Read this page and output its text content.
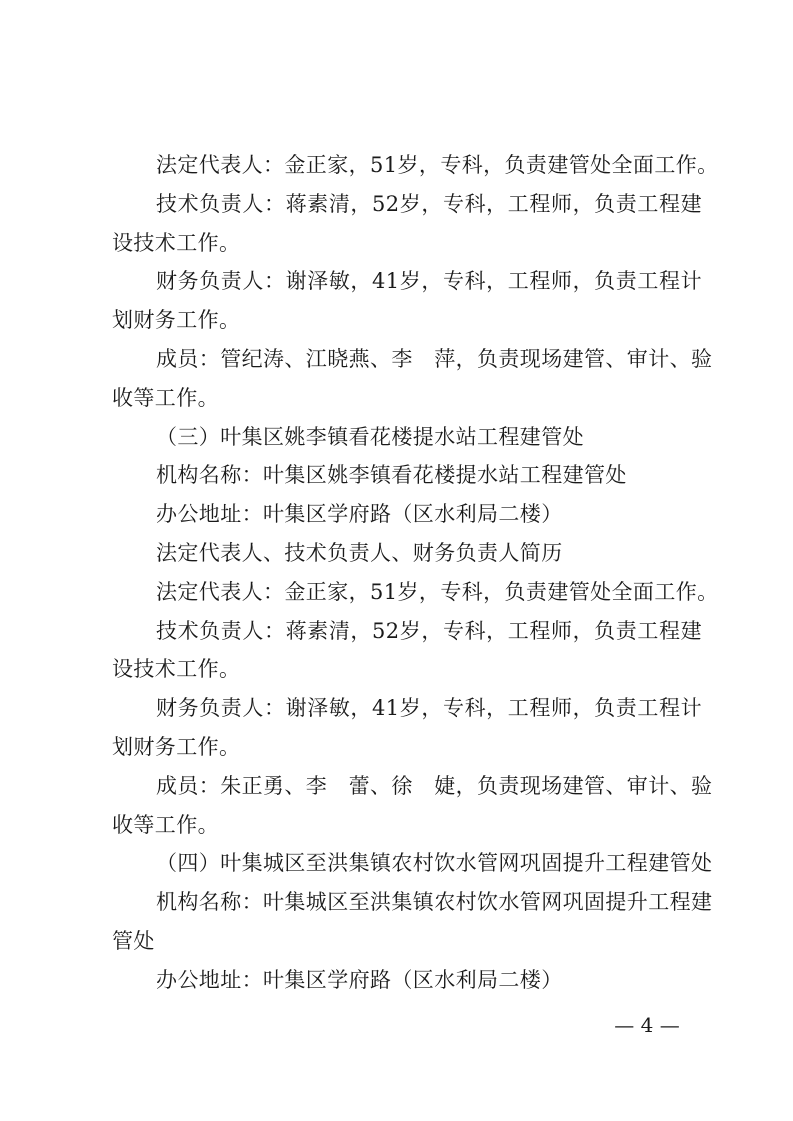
法定代表人：金正家，51岁，专科，负责建管处全面工作。
技术负责人：蒋素清，52岁，专科，工程师，负责工程建
设技术工作。
财务负责人：谢泽敏，41岁，专科，工程师，负责工程计
划财务工作。
成员：管纪涛、江晓燕、李　萍，负责现场建管、审计、验
收等工作。
（三）叶集区姚李镇看花楼提水站工程建管处
机构名称：叶集区姚李镇看花楼提水站工程建管处
办公地址：叶集区学府路（区水利局二楼）
法定代表人、技术负责人、财务负责人简历
法定代表人：金正家，51岁，专科，负责建管处全面工作。
技术负责人：蒋素清，52岁，专科，工程师，负责工程建
设技术工作。
财务负责人：谢泽敏，41岁，专科，工程师，负责工程计
划财务工作。
成员：朱正勇、李　蕾、徐　婕，负责现场建管、审计、验
收等工作。
（四）叶集城区至洪集镇农村饮水管网巩固提升工程建管处
机构名称：叶集城区至洪集镇农村饮水管网巩固提升工程建
管处
办公地址：叶集区学府路（区水利局二楼）
— 4 —
